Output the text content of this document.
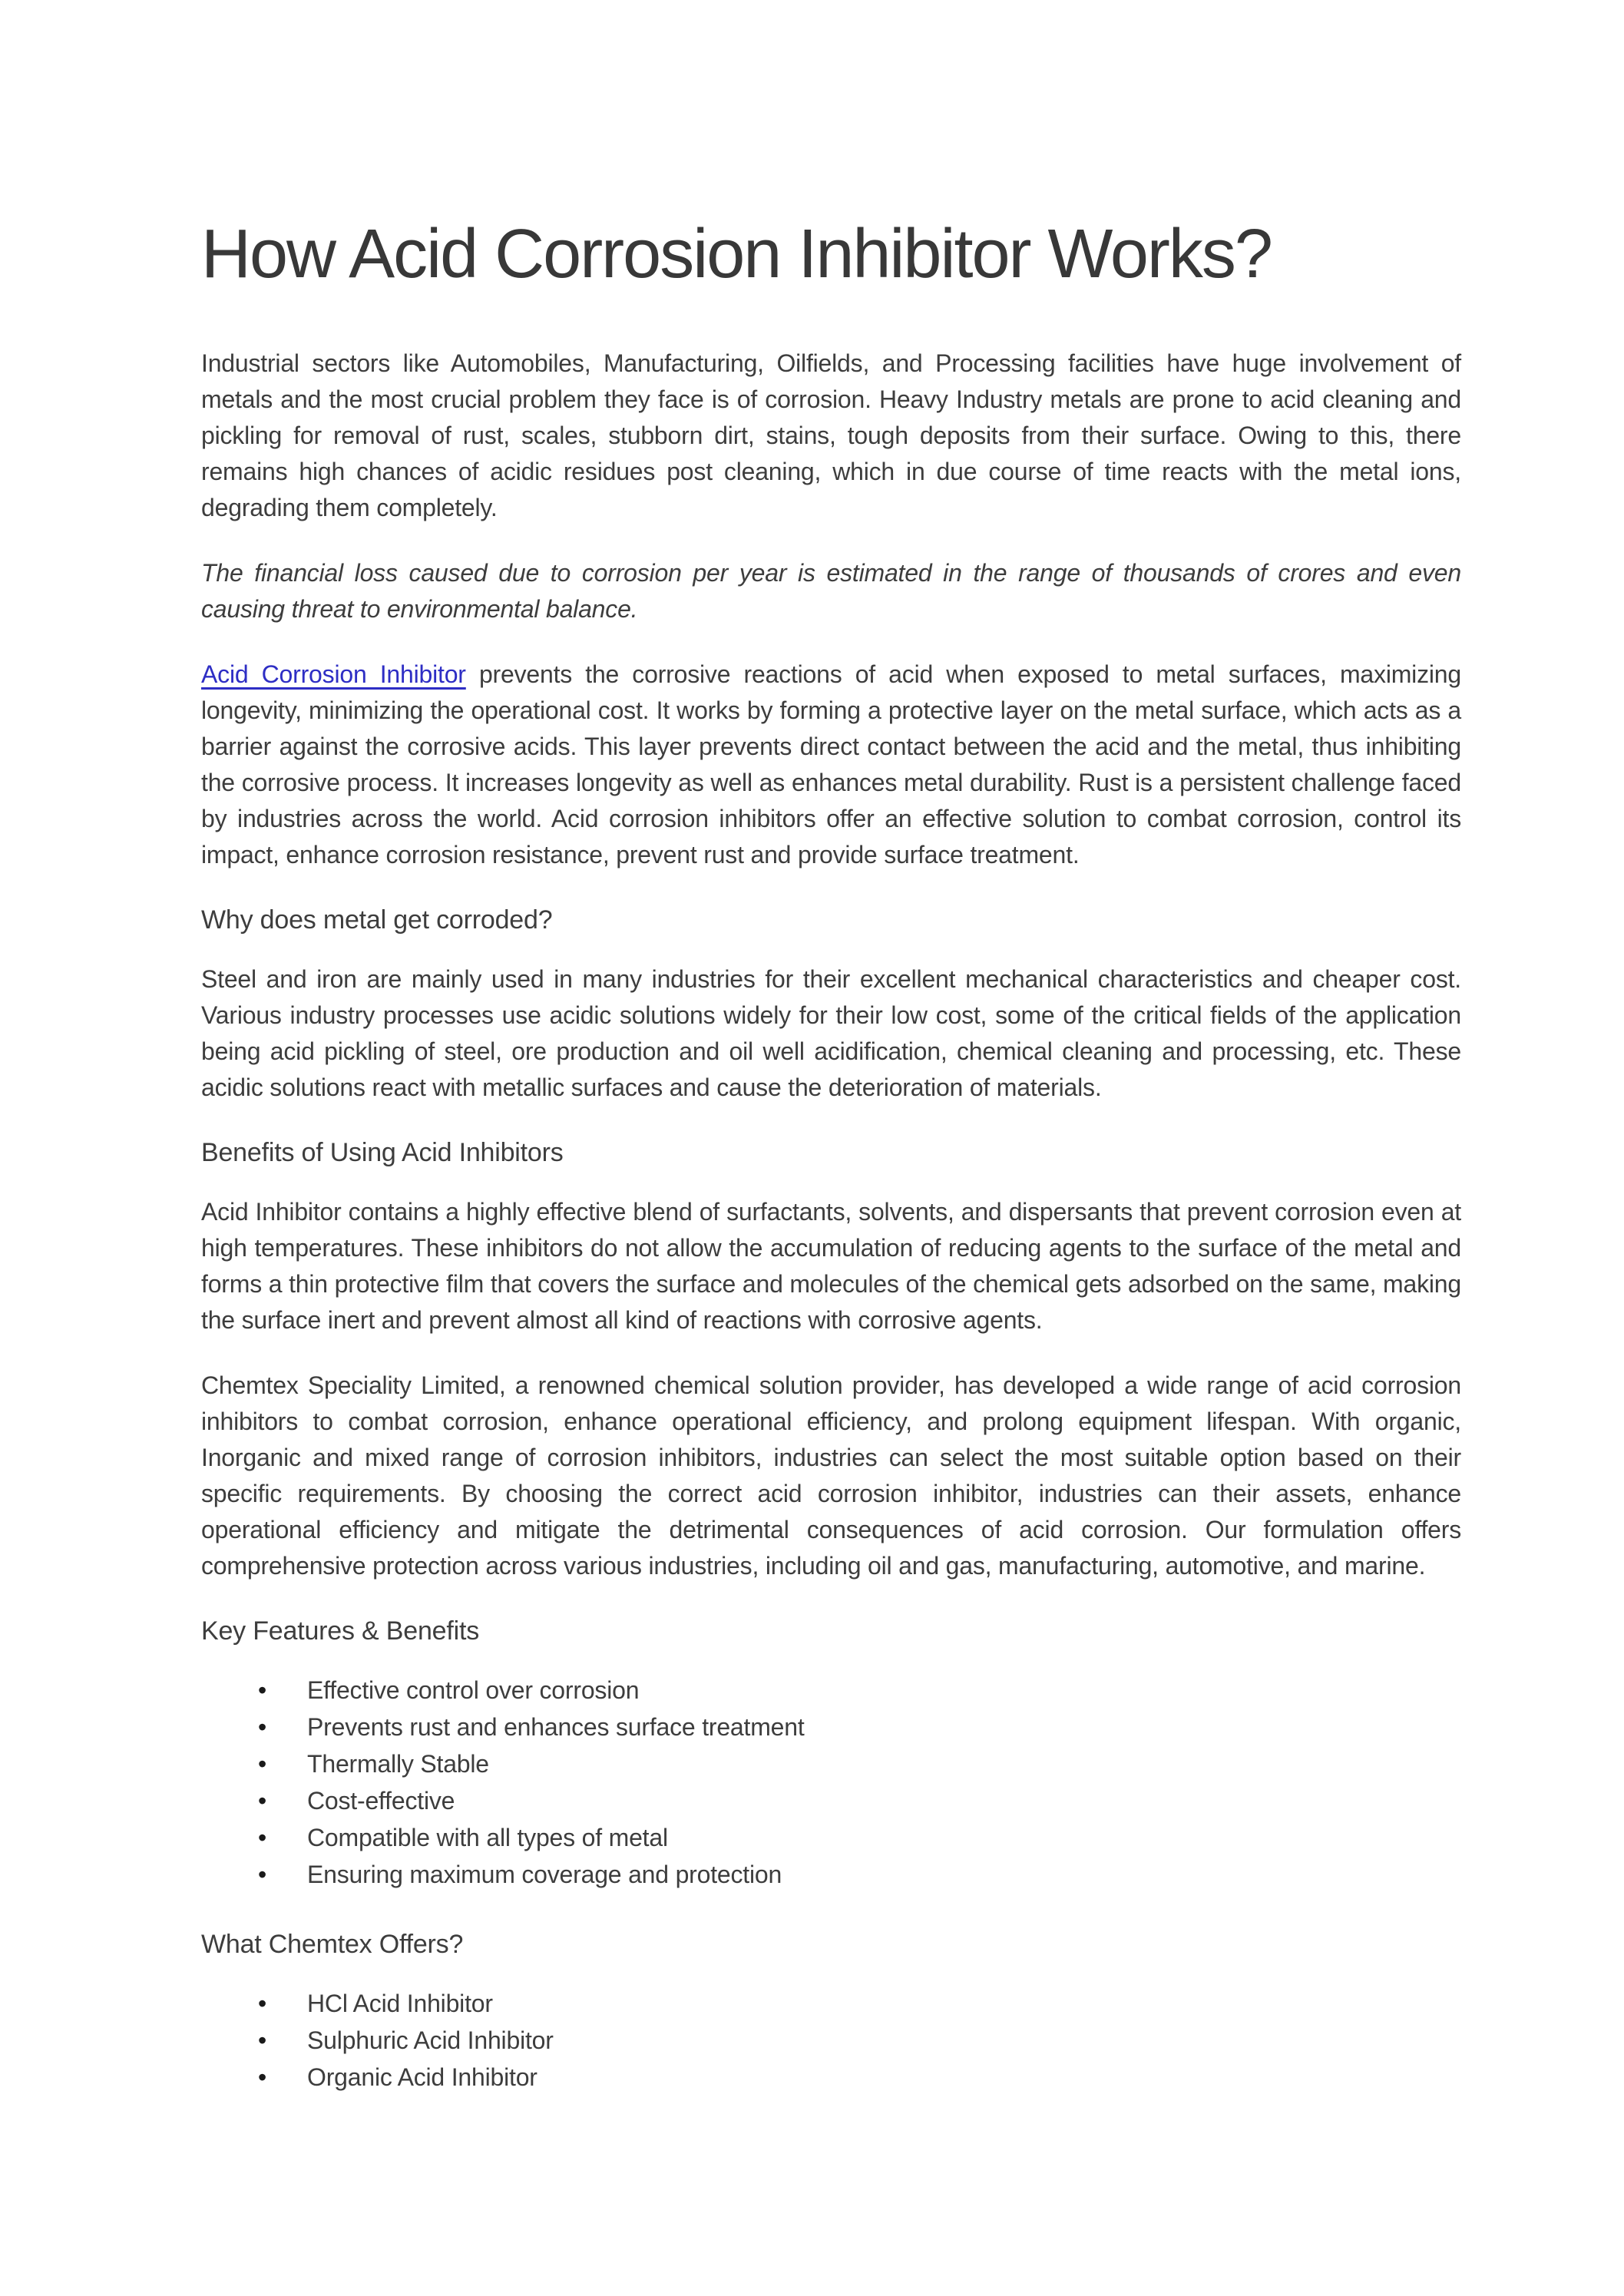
How Acid Corrosion Inhibitor Works?

Industrial sectors like Automobiles, Manufacturing, Oilfields, and Processing facilities have huge involvement of metals and the most crucial problem they face is of corrosion. Heavy Industry metals are prone to acid cleaning and pickling for removal of rust, scales, stubborn dirt, stains, tough deposits from their surface. Owing to this, there remains high chances of acidic residues post cleaning, which in due course of time reacts with the metal ions, degrading them completely.

The financial loss caused due to corrosion per year is estimated in the range of thousands of crores and even causing threat to environmental balance.

Acid Corrosion Inhibitor prevents the corrosive reactions of acid when exposed to metal surfaces, maximizing longevity, minimizing the operational cost. It works by forming a protective layer on the metal surface, which acts as a barrier against the corrosive acids. This layer prevents direct contact between the acid and the metal, thus inhibiting the corrosive process. It increases longevity as well as enhances metal durability. Rust is a persistent challenge faced by industries across the world. Acid corrosion inhibitors offer an effective solution to combat corrosion, control its impact, enhance corrosion resistance, prevent rust and provide surface treatment.

Why does metal get corroded?

Steel and iron are mainly used in many industries for their excellent mechanical characteristics and cheaper cost. Various industry processes use acidic solutions widely for their low cost, some of the critical fields of the application being acid pickling of steel, ore production and oil well acidification, chemical cleaning and processing, etc. These acidic solutions react with metallic surfaces and cause the deterioration of materials.

Benefits of Using Acid Inhibitors

Acid Inhibitor contains a highly effective blend of surfactants, solvents, and dispersants that prevent corrosion even at high temperatures. These inhibitors do not allow the accumulation of reducing agents to the surface of the metal and forms a thin protective film that covers the surface and molecules of the chemical gets adsorbed on the same, making the surface inert and prevent almost all kind of reactions with corrosive agents.

Chemtex Speciality Limited, a renowned chemical solution provider, has developed a wide range of acid corrosion inhibitors to combat corrosion, enhance operational efficiency, and prolong equipment lifespan. With organic, Inorganic and mixed range of corrosion inhibitors, industries can select the most suitable option based on their specific requirements. By choosing the correct acid corrosion inhibitor, industries can their assets, enhance operational efficiency and mitigate the detrimental consequences of acid corrosion. Our formulation offers comprehensive protection across various industries, including oil and gas, manufacturing, automotive, and marine.

Key Features & Benefits
• Effective control over corrosion
• Prevents rust and enhances surface treatment
• Thermally Stable
• Cost-effective
• Compatible with all types of metal
• Ensuring maximum coverage and protection
What Chemtex Offers?
• HCl Acid Inhibitor
• Sulphuric Acid Inhibitor
• Organic Acid Inhibitor
